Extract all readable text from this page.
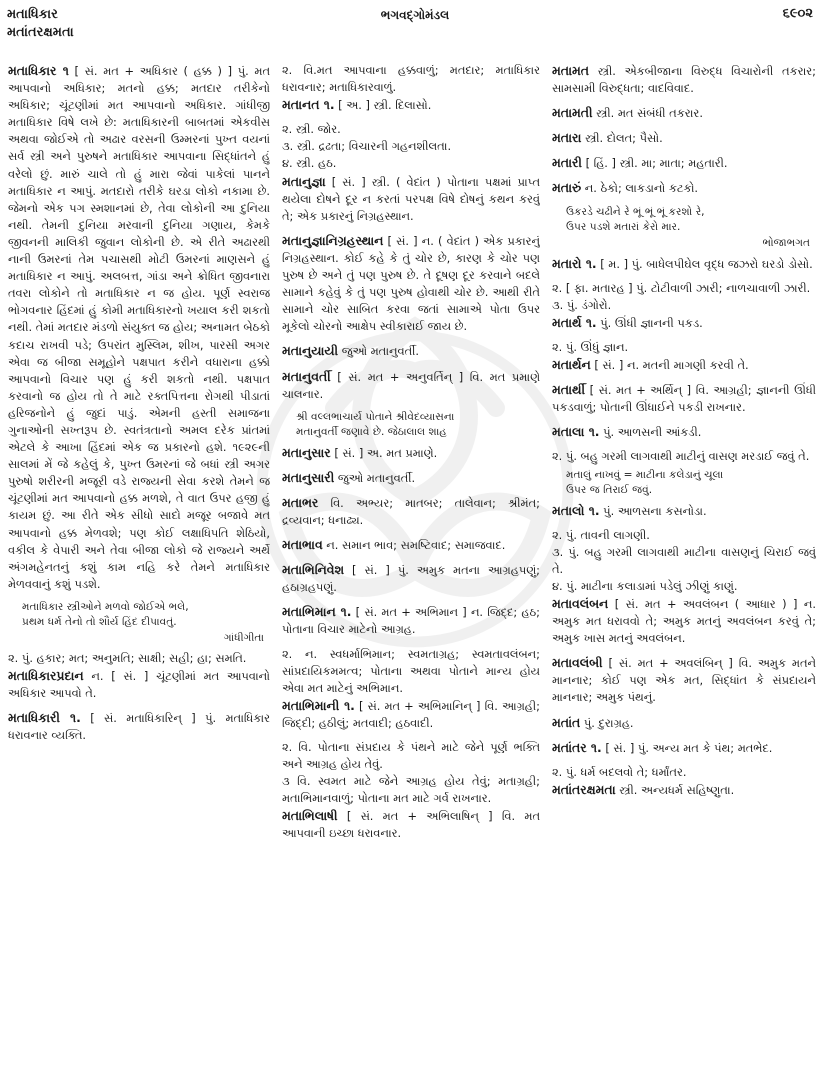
મતાધિકાર
મતાંતરક્ષમતા
ભગવદ્ગોમંડલ	૬૯૦૨
મતાધિકાર ૧ [ સં. મત + અધિકાર ( હક્ક ) ] પું. મત આપવાનો અધિકાર; મતનો હક્ક; મતદાર તરીકેનો અધિકાર; ચૂંટણીમાં મત આપવાનો અધિકાર. ગાંધીજી મતાધિકાર વિષે લખે છે: મતાધિકારની બાબતમાં એકવીસ અથવા જોઈએ તો અઢાર વરસની ઉમ્મરનાં પુખ્ત વયનાં સર્વ સ્ત્રી અને પુરુષને મતાધિકાર આપવાના સિદ્ધાંતને હું વરેલો છું. મારું ચાલે તો હું મારા જેવાં પાકેલાં પાનને મતાધિકાર ન આપું. મતદારો તરીકે ઘરડા લોકો નકામા છે. જેમનો એક પગ સ્મશાનમાં છે, તેવા લોકોની આ દુનિયા નથી. તેમની દુનિયા મરવાની દુનિયા ગણાય, કેમકે જીવનની માલિકી જુવાન લોકોની છે. એ રીતે અઢારથી નાની ઉમરનાં તેમ પચાસથી મોટી ઉમરનાં માણસને હું મતાધિકાર ન આપું. અલબત્ત, ગાંડા અને ક્રોધિત જીવનારા તવરા લોકોને તો મતાધિકાર ન જ હોય. પૂર્ણ સ્વરાજ ભોગવનાર હિંદમાં હું કોમી મતાધિકારનો ખયાલ કરી શકતો નથી. તેમાં મતદાર મંડળો સંયુક્ત જ હોય; અનામત બેઠકો કદાચ રાખવી પડે; ઉપરાંત મુસ્લિમ, શીખ, પારસી અગર એવા જ બીજા સમૂહોને પક્ષપાત કરીને વધારાના હક્કો આપવાનો વિચાર પણ હું કરી શકતો નથી. પક્ષપાત કરવાનો જ હોય તો તે માટે રક્તપિત્તના રોગથી પીડાતાં હરિજનોને હું જુદાં પાડું. એમની હસ્તી સમાજના ગુનાઓની સખ્તરૂપ છે. સ્વતંત્રતાનો અમલ દરેક પ્રાંતમાં એટલે કે આખા હિંદમાં એક જ પ્રકારનો હશે. ૧૯૨૯ની સાલમાં મેં જે કહેલું કે, પુખ્ત ઉમરનાં જે બધાં સ્ત્રી અગર પુરુષો શરીરની મજૂરી વડે રાજ્યની સેવા કરશે તેમને જ ચૂંટણીમાં મત આપવાનો હક્ક મળશે, તે વાત ઉપર હજી હું કાયમ છું. આ રીતે એક સીધો સાદો મજૂર બજાવે મત આપવાનો હક્ક મેળવશે; પણ કોઈ લક્ષાધિપતિ શેઠિયો, વકીલ કે વેપારી અને તેવા બીજા લોકો જે રાજ્યને અર્થે અંગમહેનતનું કશું કામ નહિ કરે તેમને મતાધિકાર મેળવવાનું કશું પડશે.
મતાધિકાર સ્ત્રીઓને મળવો જોઈએ ભલે,
પ્રથમ ધર્મ તેનો તો શૌર્ય હિંદ દીપાવતું.
ગાંધીગીતા
૨. પું. હકાર; મત; અનુમતિ; સાક્ષી; સહી; હા; સમતિ.
મતાધિકારપ્રદાન ન. [ સં. ] ચૂંટણીમાં મત આપવાનો અધિકાર આપવો તે.
મતાધિકારી ૧. [ સં. મતાધિકારિન્ ] પું. મતાધિકાર ધરાવનાર વ્યક્તિ.
૨. વિ.મત આપવાના હક્કવાળું; મતદાર; મતાધિકાર ધરાવનાર; મતાધિકારવાળું.
મતાનત ૧. [ અ. ] સ્ત્રી. દિલાસો.
૨. સ્ત્રી. જોર.
૩. સ્ત્રી. દ્રઢતા; વિચારની ગહનશીલતા.
૪. સ્ત્રી. હઠ.
મતાનુજ્ઞા [ સં. ] સ્ત્રી. ( વેદાંત ) પોતાના પક્ષમાં પ્રાપ્ત થયેલા દોષને દૂર ન કરતાં પરપક્ષ વિષે દોષનું કથન કરવું તે; એક પ્રકારનું નિગ્રહસ્થાન.
મતાનુજ્ઞાનિગ્રહસ્થાન [ સં. ] ન. ( વેદાંત ) એક પ્રકારનું નિગ્રહસ્થાન. કોઈ કહે કે તું ચોર છે, કારણ કે ચોર પણ પુરુષ છે અને તું પણ પુરુષ છે. તે દૂષણ દૂર કરવાને બદલે સામાને કહેવું કે તું પણ પુરુષ હોવાથી ચોર છે. આથી રીતે સામાને ચોર સાબિત કરવા જતાં સામાએ પોતા ઉપર મૂકેલો ચોરનો આક્ષેપ સ્વીકારાઈ જાય છે.
મતાનુયાયી જુઓ મતાનુવર્તી.
મતાનુવર્તી [ સં. મત + અનુવર્તિન્ ] વિ. મત પ્રમાણે ચાલનાર.
શ્રી વલ્લભાચાર્ય પોતાને શ્રીવેદવ્યાસના
મતાનુવર્તી જણાવે છે. જેઠાલાલ શાહ
મતાનુસાર [ સં. ] અ. મત પ્રમાણે.
મતાનુસારી જુઓ મતાનુવર્તી.
મતાભર વિ. અભ્યર; માતબર; તાલેવાન; શ્રીમંત; દ્રવ્યવાન; ધનાઢ્ય.
મતાભાવ ન. સમાન ભાવ; સમષ્ટિવાદ; સમાજવાદ.
મતાભિનિવેશ [ સં. ] પું. અમુક મતના આગ્રહપણું; હઠાગ્રહપણું.
મતાભિમાન ૧. [ સં. મત + અભિમાન ] ન. જિદ્દ; હઠ; પોતાના વિચાર માટેનો આગ્રહ.
૨. ન. સ્વધર્માભિમાન; સ્વમતાગ્રહ; સ્વમતાવલંબન; સાંપ્રદાયિકમમત્વ; પોતાના અથવા પોતાને માન્ય હોય એવા મત માટેનું અભિમાન.
મતાભિમાની ૧. [ સં. મત + અભિમાનિન્ ] વિ. આગ્રહી; જિદ્દી; હઠીલું; મતવાદી; હઠવાદી.
૨. વિ. પોતાના સંપ્રદાય કે પંથને માટે જેને પૂર્ણ ભક્તિ અને આગ્રહ હોય તેવું.
૩ વિ. સ્વમત માટે જેને આગ્રહ હોય તેવું; મતાગ્રહી; મતાભિમાનવાળું; પોતાના મત માટે ગર્વ રાખનાર.
મતાભિલાષી [ સં. મત + અભિલાષિન્ ] વિ. મત આપવાની ઇચ્છા ધરાવનાર.
મતામત સ્ત્રી. એકબીજાના વિરુદ્ધ વિચારોની તકરાર; સામસામી વિરુદ્ધતા; વાદવિવાદ.
મતામતી સ્ત્રી. મત સંબંધી તકરાર.
મતારા સ્ત્રી. દોલત; પૈસો.
મતારી [ હિં. ] સ્ત્રી. મા; માતા; મહતારી.
મતારું ન. ઠેકો; લાકડાનો કટકો.
ઉકરડે ચઢીને રે ભૂં ભૂં ભૂં કરશો રે,
ઉપર પડશે મતારાં કેરો માર.
ભોજાભગત
મતારો ૧. [ મ. ] પું. બાધેલપીઘેલ વૃદ્ધ જઝરો ઘરડો ડોસો.
૨. [ ફા. મતારહ ] પું. ટોટીવાળી ઝારી; નાળચાવાળી ઝારી.
૩. પું. ડંગોરો.
મતાર્થ ૧. પું. ઊંધી જ્ઞાનની પકડ.
૨. પું. ઊંધું જ્ઞાન.
મતાર્થન [ સં. ] ન. મતની માગણી કરવી તે.
મતાર્થી [ સં. મત + અર્થિન્ ] વિ. આગ્રહી; જ્ઞાનની ઊંધી પકડવાળું; પોતાની ઊંધાઈને પકડી રાખનાર.
મતાલા ૧. પું. આળસની આંકડી.
૨. પું. બહુ ગરમી લાગવાથી માટીનું વાસણ મરડાઈ જવું તે.
મતાલું નાખવું = માટીના કલેડાનું ચૂલા
ઉપર જ તિરાઈ જવું.
મતાલો ૧. પું. આળસના કસનોડા.
૨. પું. તાવની લાગણી.
૩. પું. બહુ ગરમી લાગવાથી માટીના વાસણનું ચિરાઈ જવું તે.
૪. પું. માટીના કલાડામાં પડેલું ઝીણું કાણું.
મતાવલંબન [ સં. મત + અવલંબન ( આધાર ) ] ન. અમુક મત ધરાવવો તે; અમુક મતનું અવલંબન કરવું તે; અમુક ખાસ મતનું અવલંબન.
મતાવલંબી [ સં. મત + અવલંબિન્ ] વિ. અમુક મતને માનનાર; કોઈ પણ એક મત, સિદ્ધાંત કે સંપ્રદાયને માનનાર; અમુક પંથનું.
મતાંત પું. દુરાગ્રહ.
મતાંતર ૧. [ સં. ] પું. અન્ય મત કે પંથ; મતભેદ.
૨. પું. ધર્મ બદલવો તે; ધર્માંતર.
મતાંતરક્ષમતા સ્ત્રી. અન્યધર્મ સહિષ્ણુતા.
